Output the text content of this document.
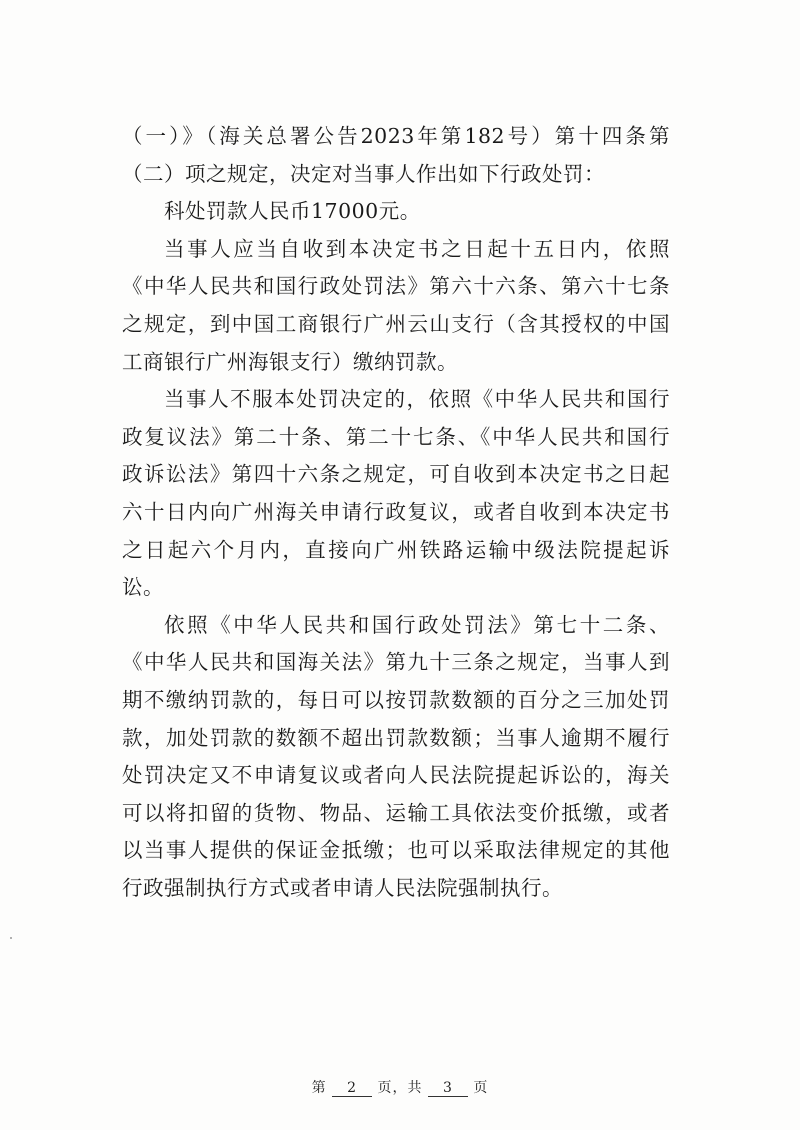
（一）》（海关总署公告2023年第182号）第十四条第
（二）项之规定，决定对当事人作出如下行政处罚：
科处罚款人民币17000元。
当事人应当自收到本决定书之日起十五日内，依照
《中华人民共和国行政处罚法》第六十六条、第六十七条
之规定，到中国工商银行广州云山支行（含其授权的中国
工商银行广州海银支行）缴纳罚款。
当事人不服本处罚决定的，依照《中华人民共和国行
政复议法》第二十条、第二十七条、《中华人民共和国行
政诉讼法》第四十六条之规定，可自收到本决定书之日起
六十日内向广州海关申请行政复议，或者自收到本决定书
之日起六个月内，直接向广州铁路运输中级法院提起诉
讼。
依照《中华人民共和国行政处罚法》第七十二条、
《中华人民共和国海关法》第九十三条之规定，当事人到
期不缴纳罚款的，每日可以按罚款数额的百分之三加处罚
款，加处罚款的数额不超出罚款数额；当事人逾期不履行
处罚决定又不申请复议或者向人民法院提起诉讼的，海关
可以将扣留的货物、物品、运输工具依法变价抵缴，或者
以当事人提供的保证金抵缴；也可以采取法律规定的其他
行政强制执行方式或者申请人民法院强制执行。
第 2 页，共 3 页
